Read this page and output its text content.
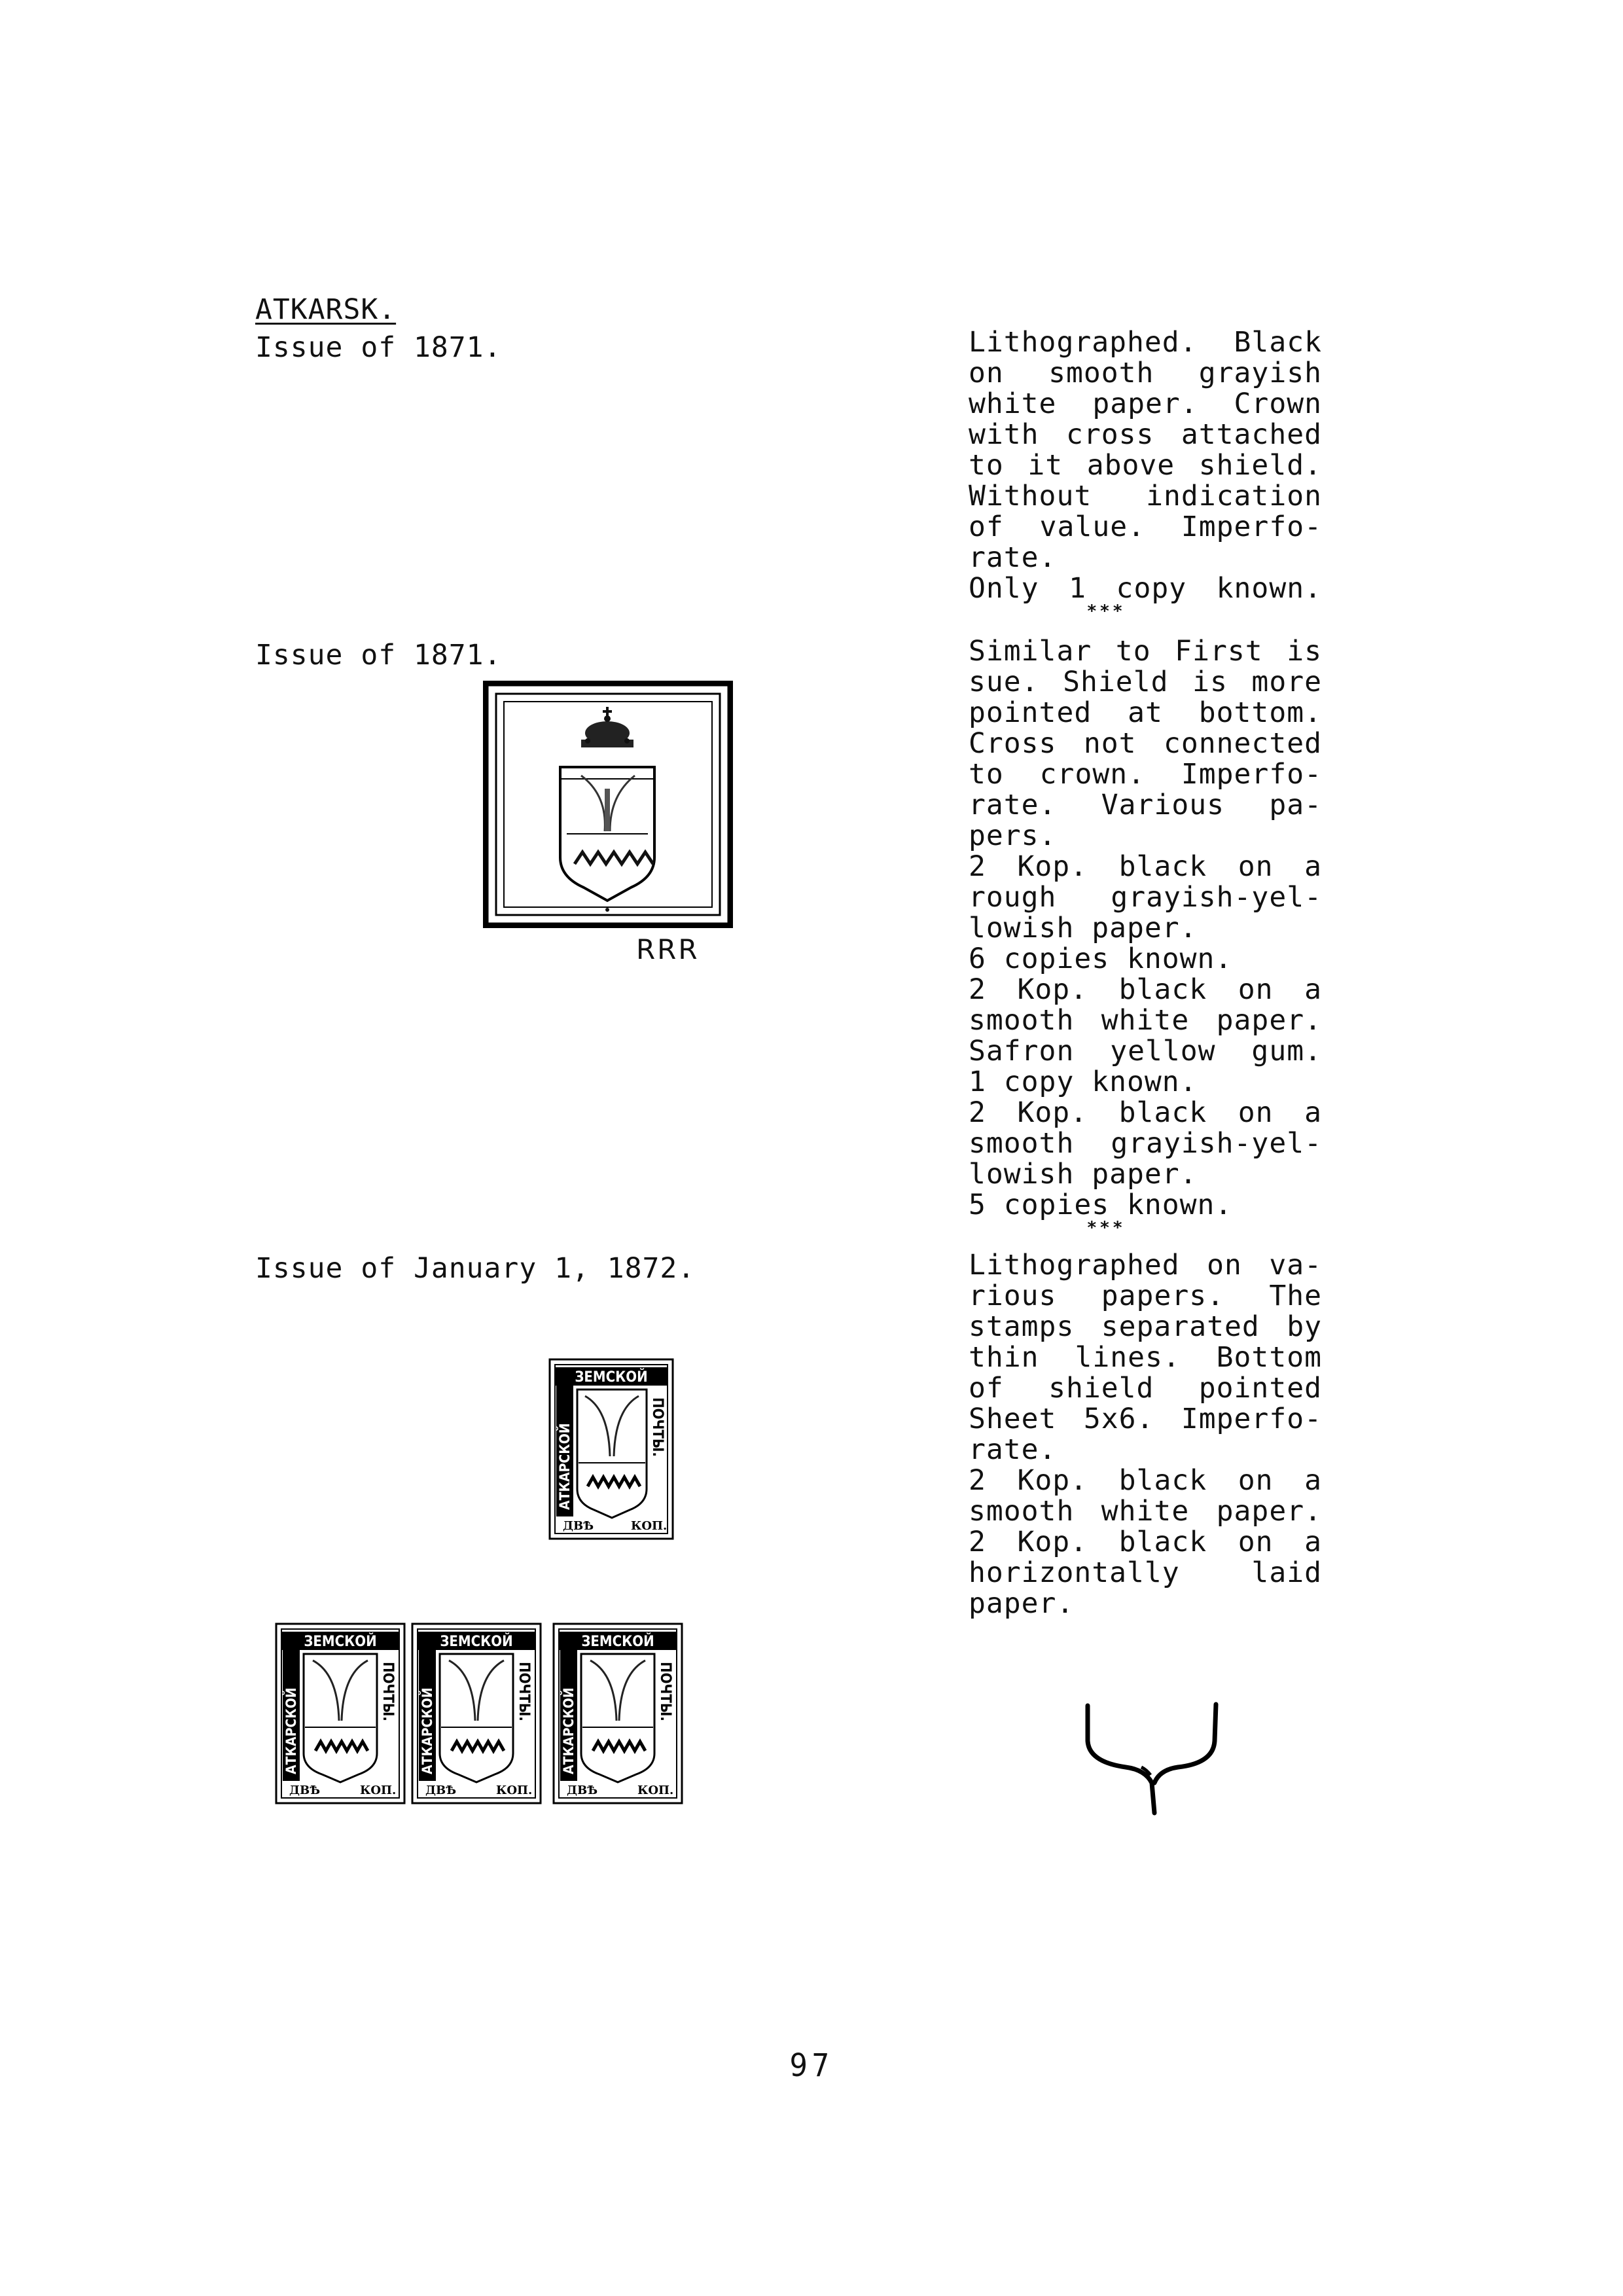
ATKARSK.
Issue of 1871.
Issue of 1871.
Issue of January 1, 1872.
Lithographed. Black
on smooth grayish
white paper. Crown
with cross attached
to it above shield.
Without indication
of value. Imperfo-
rate.
Only 1 copy known.
***
Similar to First is
sue. Shield is more
pointed at bottom.
Cross not connected
to crown. Imperfo-
rate. Various pa-
pers.
2 Kop. black on a
rough grayish-yel-
lowish paper.
6 copies known.
2 Kop. black on a
smooth white paper.
Safron yellow gum.
1 copy known.
2 Kop. black on a
smooth grayish-yel-
lowish paper.
5 copies known.
***
Lithographed on va-
rious papers. The
stamps separated by
thin lines. Bottom
of shield pointed
Sheet 5x6. Imperfo-
rate.
2 Kop. black on a
smooth white paper.
2 Kop. black on a
horizontally laid
paper.
RRR
ЗЕМСКОЙ
АТКАРСКОЙ	ПОЧТЫ.
ДВѢ	КОП.
ЗЕМСКОЙ
АТКАРСКОЙ	ПОЧТЫ.
ДВѢ	КОП.
ЗЕМСКОЙ
АТКАРСКОЙ	ПОЧТЫ.
ДВѢ	КОП.
ЗЕМСКОЙ
АТКАРСКОЙ	ПОЧТЫ.
ДВѢ	КОП.
97
